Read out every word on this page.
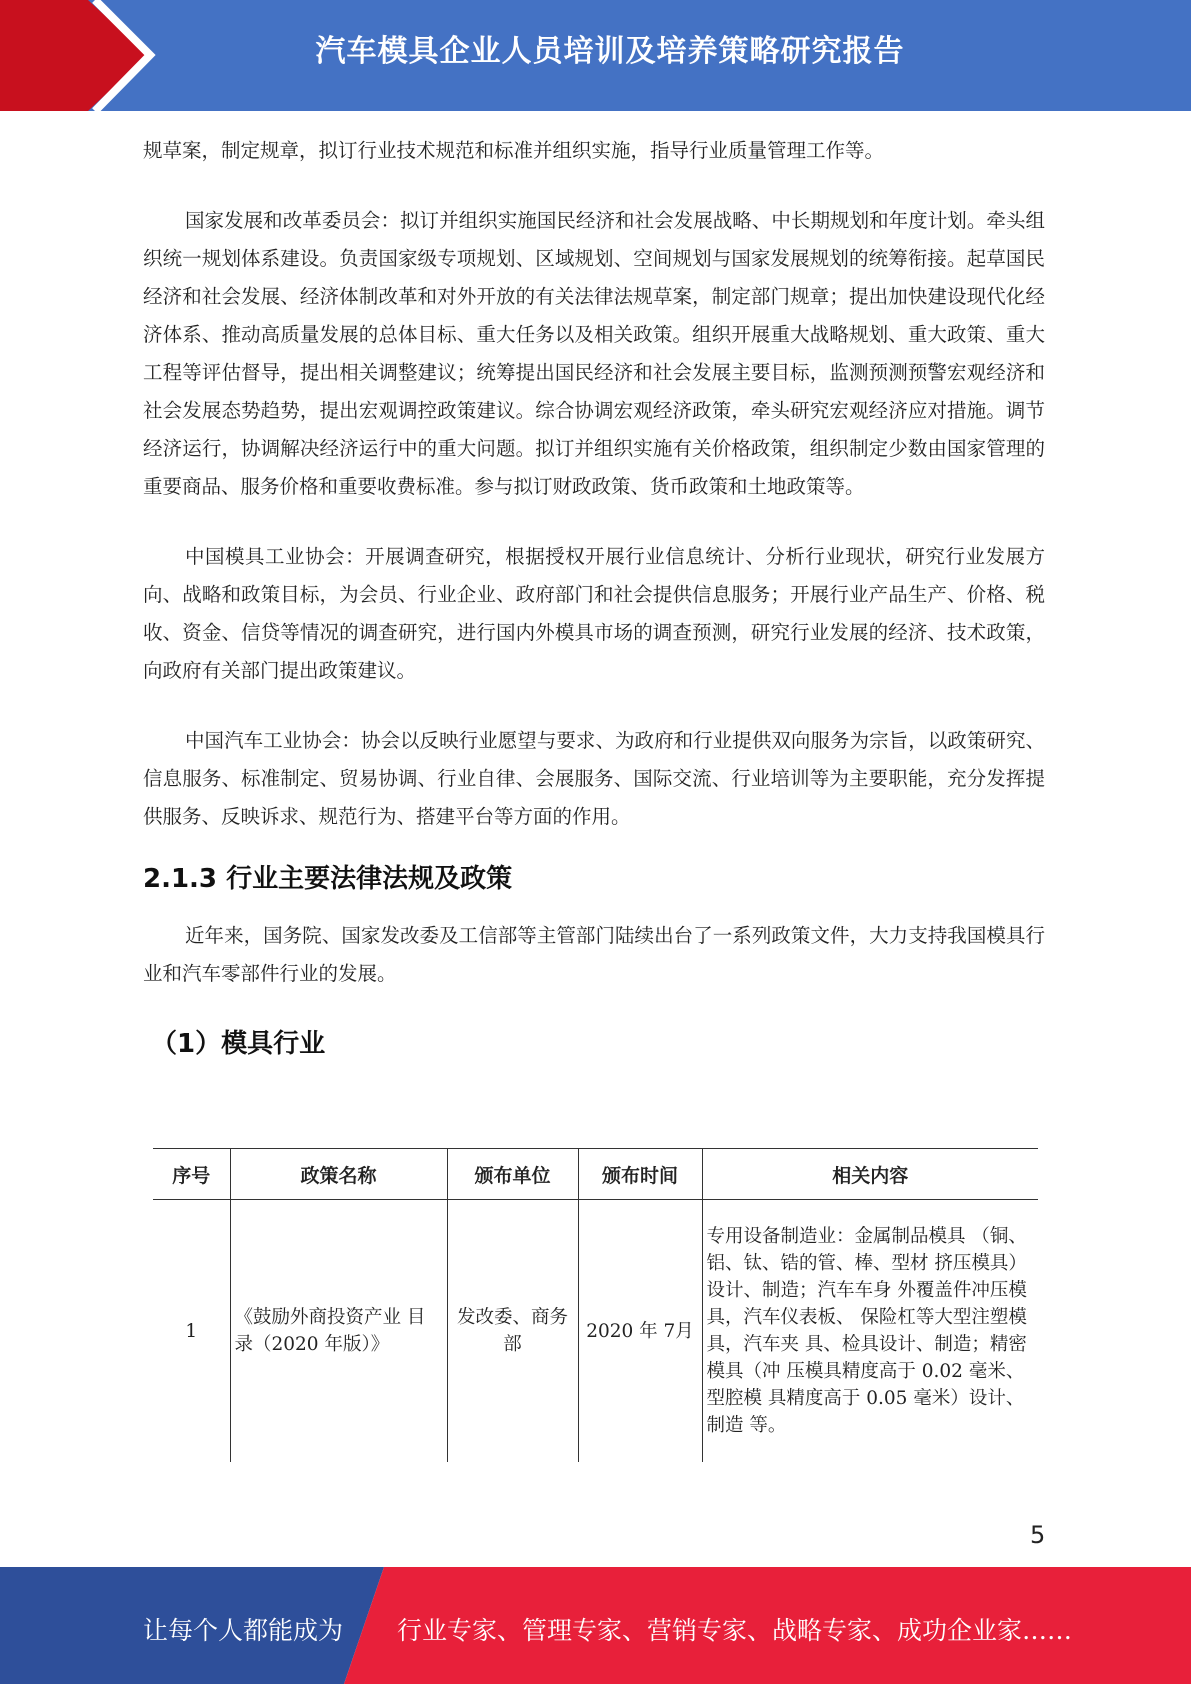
汽车模具企业人员培训及培养策略研究报告

规草案，制定规章，拟订行业技术规范和标准并组织实施，指导行业质量管理工作等。

国家发展和改革委员会：拟订并组织实施国民经济和社会发展战略、中长期规划和年度计划。牵头组织统一规划体系建设。负责国家级专项规划、区域规划、空间规划与国家发展规划的统筹衔接。起草国民经济和社会发展、经济体制改革和对外开放的有关法律法规草案，制定部门规章；提出加快建设现代化经济体系、推动高质量发展的总体目标、重大任务以及相关政策。组织开展重大战略规划、重大政策、重大工程等评估督导，提出相关调整建议；统筹提出国民经济和社会发展主要目标，监测预测预警宏观经济和社会发展态势趋势，提出宏观调控政策建议。综合协调宏观经济政策，牵头研究宏观经济应对措施。调节经济运行，协调解决经济运行中的重大问题。拟订并组织实施有关价格政策，组织制定少数由国家管理的重要商品、服务价格和重要收费标准。参与拟订财政政策、货币政策和土地政策等。

中国模具工业协会：开展调查研究，根据授权开展行业信息统计、分析行业现状，研究行业发展方向、战略和政策目标，为会员、行业企业、政府部门和社会提供信息服务；开展行业产品生产、价格、税收、资金、信贷等情况的调查研究，进行国内外模具市场的调查预测，研究行业发展的经济、技术政策，向政府有关部门提出政策建议。

中国汽车工业协会：协会以反映行业愿望与要求、为政府和行业提供双向服务为宗旨，以政策研究、信息服务、标准制定、贸易协调、行业自律、会展服务、国际交流、行业培训等为主要职能，充分发挥提供服务、反映诉求、规范行为、搭建平台等方面的作用。

2.1.3 行业主要法律法规及政策

近年来，国务院、国家发改委及工信部等主管部门陆续出台了一系列政策文件，大力支持我国模具行业和汽车零部件行业的发展。

（1）模具行业
序号	政策名称	颁布单位	颁布时间	相关内容
1	《鼓励外商投资产业 目录（2020 年版）》	发改委、商务部	2020 年 7月	专用设备制造业：金属制品模具 （铜、铝、钛、锆的管、棒、型材 挤压模具）设计、制造；汽车车身 外覆盖件冲压模具，汽车仪表板、 保险杠等大型注塑模具，汽车夹 具、检具设计、制造；精密模具（冲 压模具精度高于 0.02 毫米、型腔模 具精度高于 0.05 毫米）设计、制造 等。
5
让每个人都能成为 行业专家、管理专家、营销专家、战略专家、成功企业家……
